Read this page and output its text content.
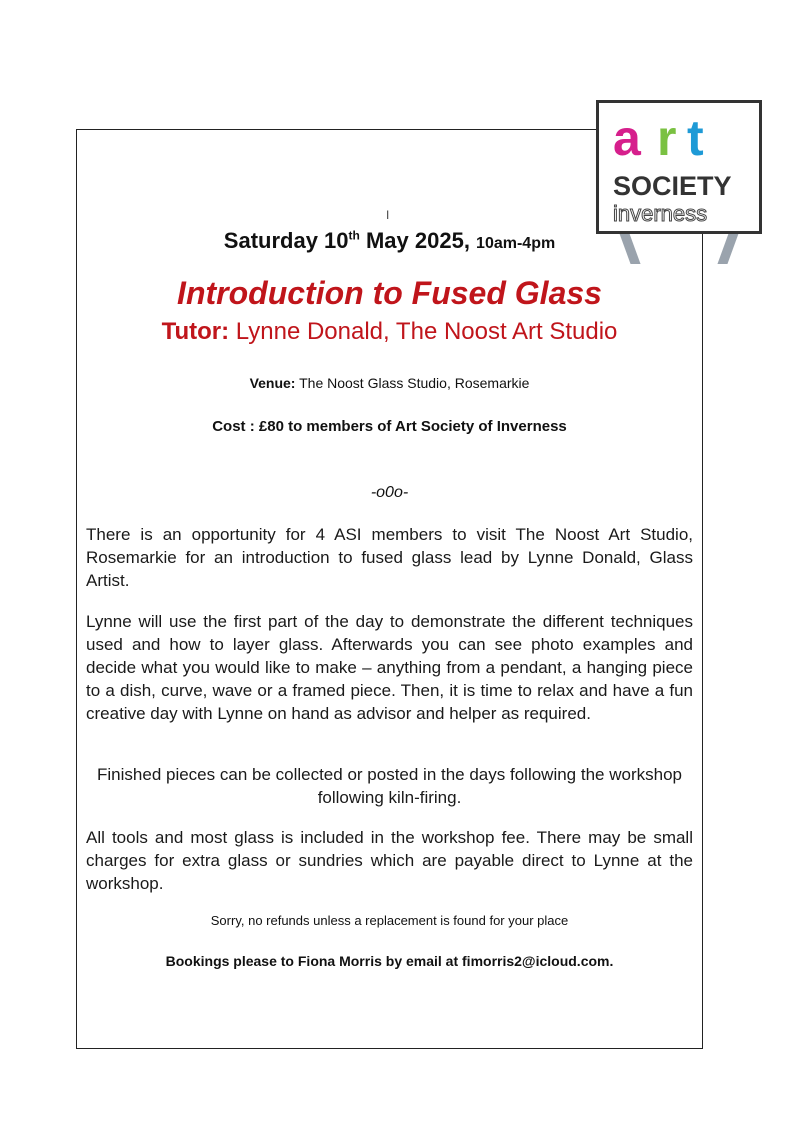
a r t
SOCIETY
inverness
I
Saturday 10th May 2025, 10am-4pm
Introduction to Fused Glass
Tutor: Lynne Donald, The Noost Art Studio
Venue: The Noost Glass Studio, Rosemarkie
Cost : £80 to members of Art Society of Inverness
-o0o-
There is an opportunity for 4 ASI members to visit The Noost Art Studio, Rosemarkie for an introduction to fused glass lead by Lynne Donald, Glass Artist.
Lynne will use the first part of the day to demonstrate the different techniques used and how to layer glass. Afterwards you can see photo examples and decide what you would like to make – anything from a pendant, a hanging piece to a dish, curve, wave or a framed piece. Then, it is time to relax and have a fun creative day with Lynne on hand as advisor and helper as required.
Finished pieces can be collected or posted in the days following the workshop following kiln-firing.
All tools and most glass is included in the workshop fee. There may be small charges for extra glass or sundries which are payable direct to Lynne at the workshop.
Sorry, no refunds unless a replacement is found for your place
Bookings please to Fiona Morris by email at fimorris2@icloud.com.
